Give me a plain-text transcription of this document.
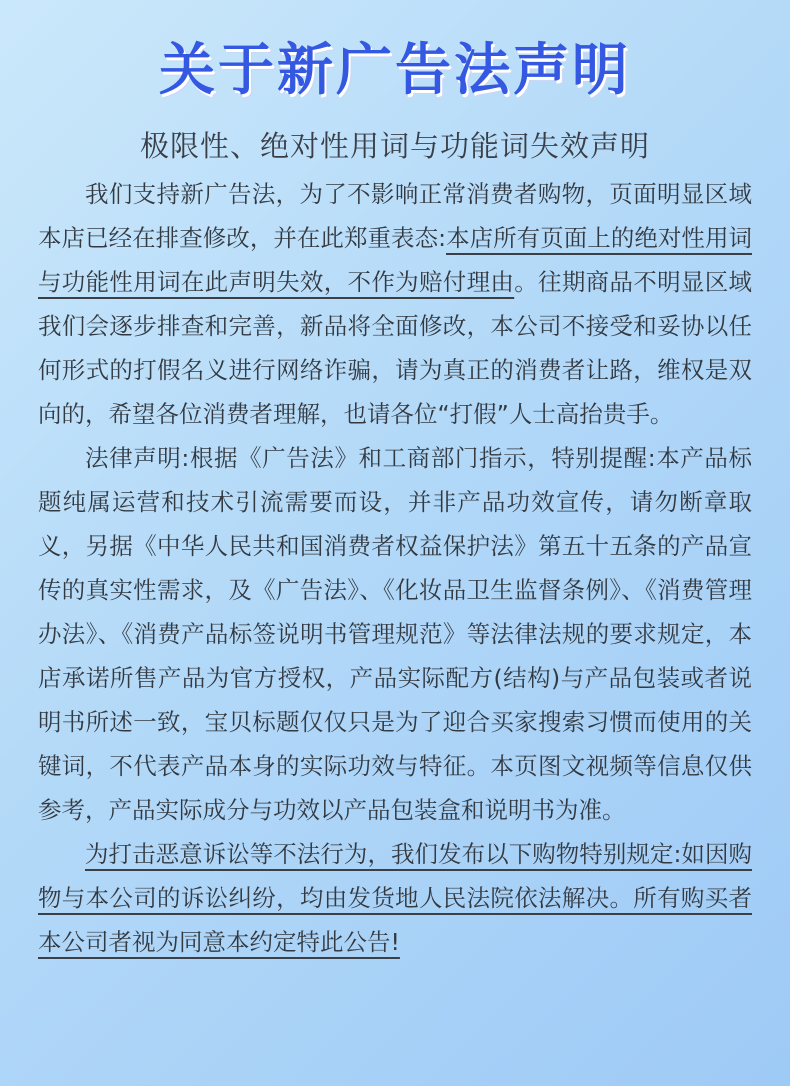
关于新广告法声明
极限性、绝对性用词与功能词失效声明

我们支持新广告法，为了不影响正常消费者购物，页面明显区域本店已经在排查修改，并在此郑重表态:本店所有页面上的绝对性用词与功能性用词在此声明失效，不作为赔付理由。往期商品不明显区域我们会逐步排查和完善，新品将全面修改，本公司不接受和妥协以任何形式的打假名义进行网络诈骗，请为真正的消费者让路，维权是双向的，希望各位消费者理解，也请各位“打假”人士高抬贵手。

法律声明:根据《广告法》和工商部门指示，特别提醒:本产品标题纯属运营和技术引流需要而设，并非产品功效宣传，请勿断章取义，另据《中华人民共和国消费者权益保护法》第五十五条的产品宣传的真实性需求，及《广告法》、《化妆品卫生监督条例》、《消费管理办法》、《消费产品标签说明书管理规范》等法律法规的要求规定，本店承诺所售产品为官方授权，产品实际配方(结构)与产品包装或者说明书所述一致，宝贝标题仅仅只是为了迎合买家搜索习惯而使用的关键词，不代表产品本身的实际功效与特征。本页图文视频等信息仅供参考，产品实际成分与功效以产品包装盒和说明书为准。

为打击恶意诉讼等不法行为，我们发布以下购物特别规定:如因购物与本公司的诉讼纠纷，均由发货地人民法院依法解决。所有购买者本公司者视为同意本约定特此公告!
